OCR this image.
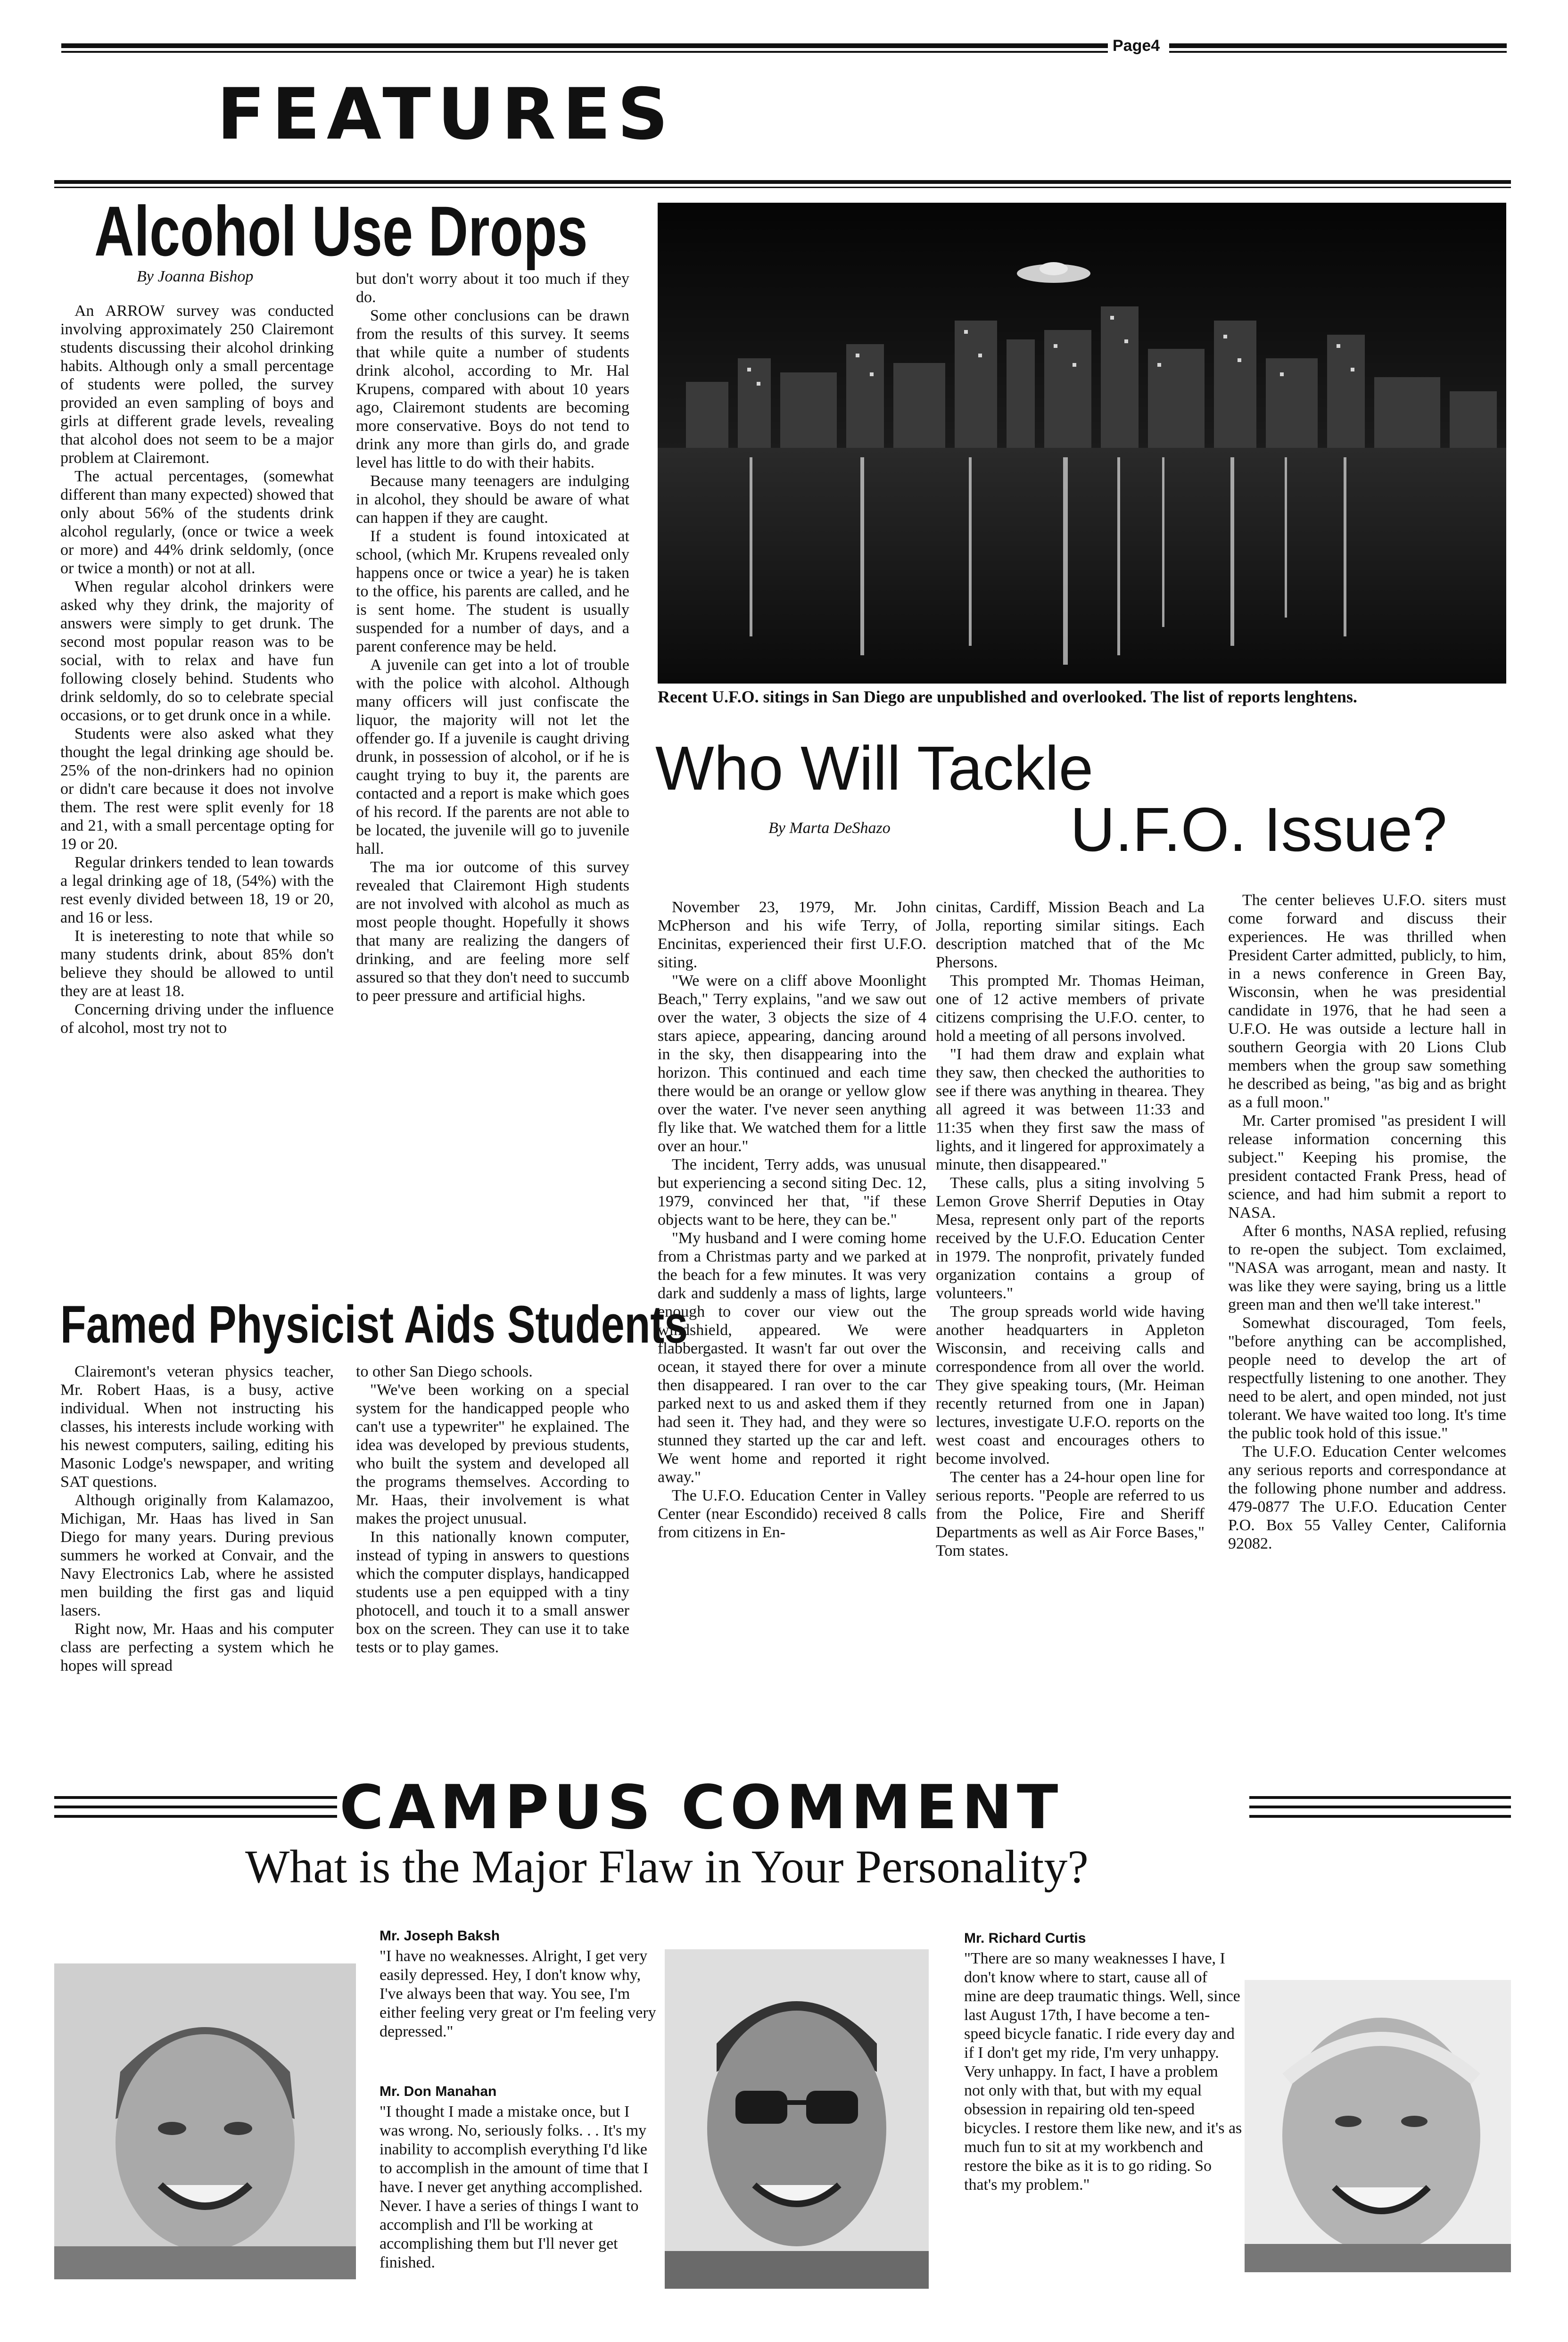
Page4
FEATURES
Alcohol Use Drops
By Joanna Bishop

An ARROW survey was conducted involving approximately 250 Clairemont students discussing their alcohol drinking habits. Although only a small percentage of students were polled, the survey provided an even sampling of boys and girls at different grade levels, revealing that alcohol does not seem to be a major problem at Clairemont.

The actual percentages, (somewhat different than many expected) showed that only about 56% of the students drink alcohol regularly, (once or twice a week or more) and 44% drink seldomly, (once or twice a month) or not at all.

When regular alcohol drinkers were asked why they drink, the majority of answers were simply to get drunk. The second most popular reason was to be social, with to relax and have fun following closely behind. Students who drink seldomly, do so to celebrate special occasions, or to get drunk once in a while.

Students were also asked what they thought the legal drinking age should be. 25% of the non-drinkers had no opinion or didn't care because it does not involve them. The rest were split evenly for 18 and 21, with a small percentage opting for 19 or 20.

Regular drinkers tended to lean towards a legal drinking age of 18, (54%) with the rest evenly divided between 18, 19 or 20, and 16 or less.

It is ineteresting to note that while so many students drink, about 85% don't believe they should be allowed to until they are at least 18.

Concerning driving under the influence of alcohol, most try not to

but don't worry about it too much if they do.

Some other conclusions can be drawn from the results of this survey. It seems that while quite a number of students drink alcohol, according to Mr. Hal Krupens, compared with about 10 years ago, Clairemont students are becoming more conservative. Boys do not tend to drink any more than girls do, and grade level has little to do with their habits.

Because many teenagers are indulging in alcohol, they should be aware of what can happen if they are caught.

If a student is found intoxicated at school, (which Mr. Krupens revealed only happens once or twice a year) he is taken to the office, his parents are called, and he is sent home. The student is usually suspended for a number of days, and a parent conference may be held.

A juvenile can get into a lot of trouble with the police with alcohol. Although many officers will just confiscate the liquor, the majority will not let the offender go. If a juvenile is caught driving drunk, in possession of alcohol, or if he is caught trying to buy it, the parents are contacted and a report is make which goes of his record. If the parents are not able to be located, the juvenile will go to juvenile hall.

The ma ior outcome of this survey revealed that Clairemont High students are not involved with alcohol as much as most people thought. Hopefully it shows that many are realizing the dangers of drinking, and are feeling more self assured so that they don't need to succumb to peer pressure and artificial highs.

Famed Physicist Aids Students

Clairemont's veteran physics teacher, Mr. Robert Haas, is a busy, active individual. When not instructing his classes, his interests include working with his newest computers, sailing, editing his Masonic Lodge's newspaper, and writing SAT questions.

Although originally from Kalamazoo, Michigan, Mr. Haas has lived in San Diego for many years. During previous summers he worked at Convair, and the Navy Electronics Lab, where he assisted men building the first gas and liquid lasers.

Right now, Mr. Haas and his computer class are perfecting a system which he hopes will spread

to other San Diego schools.

"We've been working on a special system for the handicapped people who can't use a typewriter" he explained. The idea was developed by previous students, who built the system and developed all the programs themselves. According to Mr. Haas, their involvement is what makes the project unusual.

In this nationally known computer, instead of typing in answers to questions which the computer displays, handicapped students use a pen equipped with a tiny photocell, and touch it to a small answer box on the screen. They can use it to take tests or to play games.

Recent U.F.O. sitings in San Diego are unpublished and overlooked. The list of reports lenghtens.
Who Will Tackle
By Marta DeShazo	U.F.O. Issue?

November 23, 1979, Mr. John McPherson and his wife Terry, of Encinitas, experienced their first U.F.O. siting.

"We were on a cliff above Moonlight Beach," Terry explains, "and we saw out over the water, 3 objects the size of 4 stars apiece, appearing, dancing around in the sky, then disappearing into the horizon. This continued and each time there would be an orange or yellow glow over the water. I've never seen anything fly like that. We watched them for a little over an hour."

The incident, Terry adds, was unusual but experiencing a second siting Dec. 12, 1979, convinced her that, "if these objects want to be here, they can be."

"My husband and I were coming home from a Christmas party and we parked at the beach for a few minutes. It was very dark and suddenly a mass of lights, large enough to cover our view out the windshield, appeared. We were flabbergasted. It wasn't far out over the ocean, it stayed there for over a minute then disappeared. I ran over to the car parked next to us and asked them if they had seen it. They had, and they were so stunned they started up the car and left. We went home and reported it right away."

The U.F.O. Education Center in Valley Center (near Escondido) received 8 calls from citizens in En-

cinitas, Cardiff, Mission Beach and La Jolla, reporting similar sitings. Each description matched that of the Mc Phersons.

This prompted Mr. Thomas Heiman, one of 12 active members of private citizens comprising the U.F.O. center, to hold a meeting of all persons involved.

"I had them draw and explain what they saw, then checked the authorities to see if there was anything in thearea. They all agreed it was between 11:33 and 11:35 when they first saw the mass of lights, and it lingered for approximately a minute, then disappeared."

These calls, plus a siting involving 5 Lemon Grove Sherrif Deputies in Otay Mesa, represent only part of the reports received by the U.F.O. Education Center in 1979. The nonprofit, privately funded organization contains a group of volunteers."

The group spreads world wide having another headquarters in Appleton Wisconsin, and receiving calls and correspondence from all over the world. They give speaking tours, (Mr. Heiman recently returned from one in Japan) lectures, investigate U.F.O. reports on the west coast and encourages others to become involved.

The center has a 24-hour open line for serious reports. "People are referred to us from the Police, Fire and Sheriff Departments as well as Air Force Bases," Tom states.

The center believes U.F.O. siters must come forward and discuss their experiences. He was thrilled when President Carter admitted, publicly, to him, in a news conference in Green Bay, Wisconsin, when he was presidential candidate in 1976, that he had seen a U.F.O. He was outside a lecture hall in southern Georgia with 20 Lions Club members when the group saw something he described as being, "as big and as bright as a full moon."

Mr. Carter promised "as president I will release information concerning this subject." Keeping his promise, the president contacted Frank Press, head of science, and had him submit a report to NASA.

After 6 months, NASA replied, refusing to re-open the subject. Tom exclaimed, "NASA was arrogant, mean and nasty. It was like they were saying, bring us a little green man and then we'll take interest."

Somewhat discouraged, Tom feels, "before anything can be accomplished, people need to develop the art of respectfully listening to one another. They need to be alert, and open minded, not just tolerant. We have waited too long. It's time the public took hold of this issue."

The U.F.O. Education Center welcomes any serious reports and correspondance at the following phone number and address. 479-0877 The U.F.O. Education Center P.O. Box 55 Valley Center, California 92082.

CAMPUS COMMENT
What is the Major Flaw in Your Personality?
Mr. Joseph Baksh
"I have no weaknesses. Alright, I get very easily depressed. Hey, I don't know why, I've always been that way. You see, I'm either feeling very great or I'm feeling very depressed."
Mr. Don Manahan
"I thought I made a mistake once, but I was wrong. No, seriously folks. . . It's my inability to accomplish everything I'd like to accomplish in the amount of time that I have. I never get anything accomplished. Never. I have a series of things I want to accomplish and I'll be working at accomplishing them but I'll never get finished.
Mr. Richard Curtis
"There are so many weaknesses I have, I don't know where to start, cause all of mine are deep traumatic things. Well, since last August 17th, I have become a ten-speed bicycle fanatic. I ride every day and if I don't get my ride, I'm very unhappy. Very unhappy. In fact, I have a problem not only with that, but with my equal obsession in repairing old ten-speed bicycles. I restore them like new, and it's as much fun to sit at my workbench and restore the bike as it is to go riding. So that's my problem."
